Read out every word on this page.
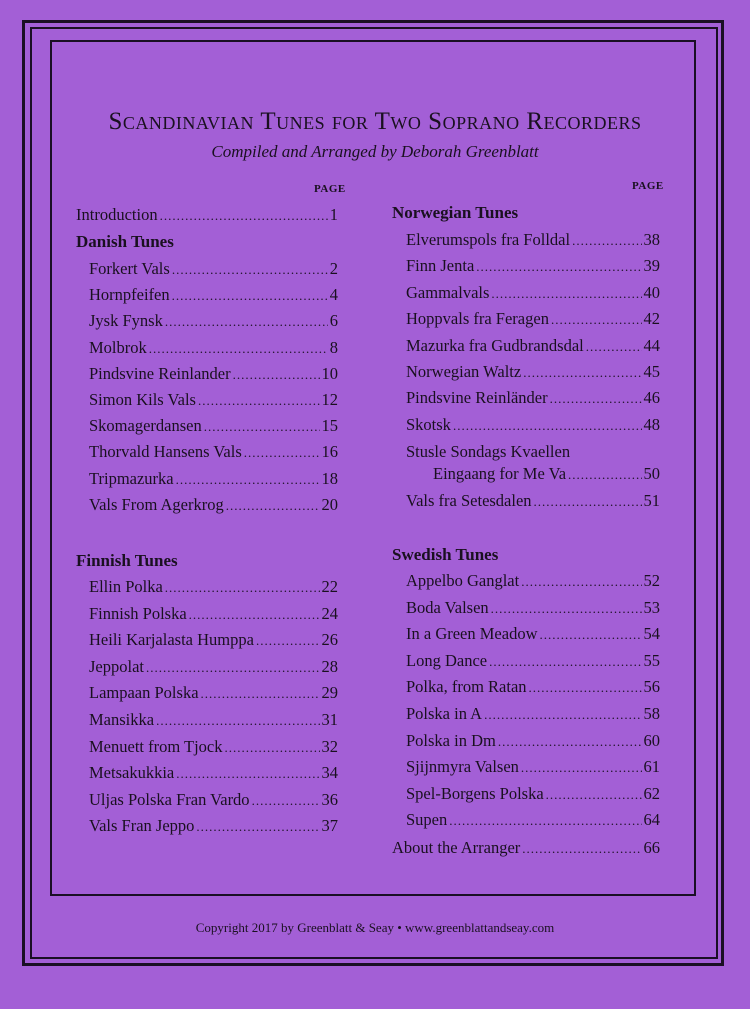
Scandinavian Tunes for Two Soprano Recorders
Compiled and Arranged by Deborah Greenblatt
PAGE
Introduction .....	1
Danish Tunes
Forkert Vals .....	2
Hornpfeifen .....	4
Jysk Fynsk .....	6
Molbrok .....	8
Pindsvine Reinlander .....	10
Simon Kils Vals .....	12
Skomagerdansen .....	15
Thorvald Hansens Vals .....	16
Tripmazurka .....	18
Vals From Agerkrog .....	20
Finnish Tunes
Ellin Polka .....	22
Finnish Polska .....	24
Heili Karjalasta Humppa .....	26
Jeppolat .....	28
Lampaan Polska .....	29
Mansikka .....	31
Menuett from Tjock .....	32
Metsakukkia .....	34
Uljas Polska Fran Vardo .....	36
Vals Fran Jeppo .....	37
PAGE
Norwegian Tunes
Elverumspols fra Folldal .....	38
Finn Jenta .....	39
Gammalvals .....	40
Hoppvals fra Feragen .....	42
Mazurka fra Gudbrandsdal .....	44
Norwegian Waltz .....	45
Pindsvine Reinländer .....	46
Skotsk .....	48
Stusle Sondags Kvaellen
Eingaang for Me Va .....	50
Vals fra Setesdalen .....	51
Swedish Tunes
Appelbo Ganglat .....	52
Boda Valsen .....	53
In a Green Meadow .....	54
Long Dance .....	55
Polka, from Ratan .....	56
Polska in A .....	58
Polska in Dm .....	60
Sjijnmyra Valsen .....	61
Spel-Borgens Polska .....	62
Supen .....	64
About the Arranger .....	66
Copyright 2017 by Greenblatt & Seay • www.greenblattandseay.com
